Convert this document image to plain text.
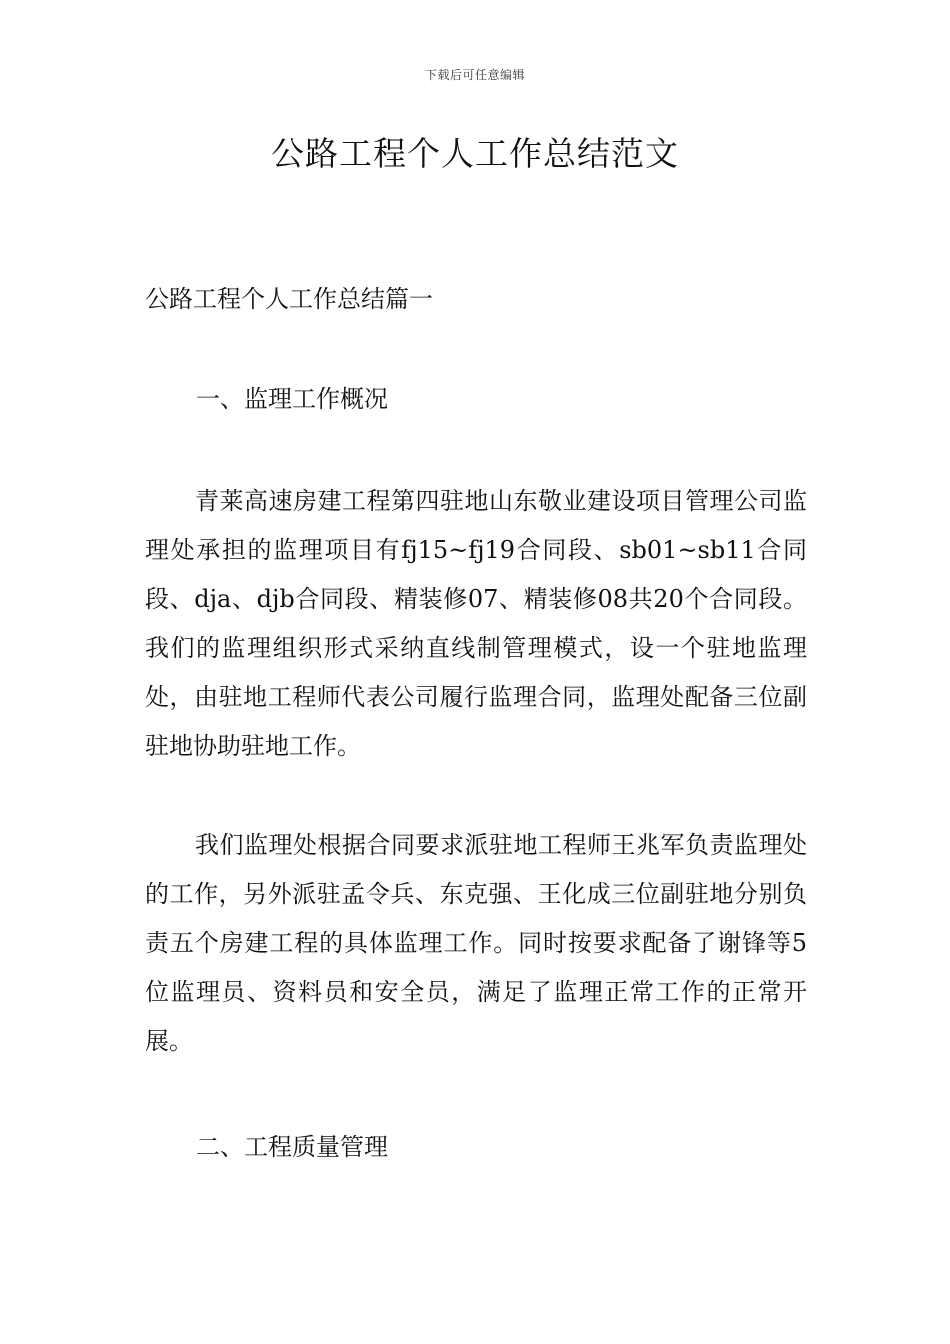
下载后可任意编辑
公路工程个人工作总结范文
公路工程个人工作总结篇一
一、监理工作概况

青莱高速房建工程第四驻地山东敬业建设项目管理公司监理处承担的监理项目有fj15~fj19合同段、sb01~sb11合同段、dja、djb合同段、精装修07、精装修08共20个合同段。我们的监理组织形式采纳直线制管理模式，设一个驻地监理处，由驻地工程师代表公司履行监理合同，监理处配备三位副驻地协助驻地工作。

我们监理处根据合同要求派驻地工程师王兆军负责监理处的工作，另外派驻孟令兵、东克强、王化成三位副驻地分别负责五个房建工程的具体监理工作。同时按要求配备了谢锋等5位监理员、资料员和安全员，满足了监理正常工作的正常开展。

二、工程质量管理
